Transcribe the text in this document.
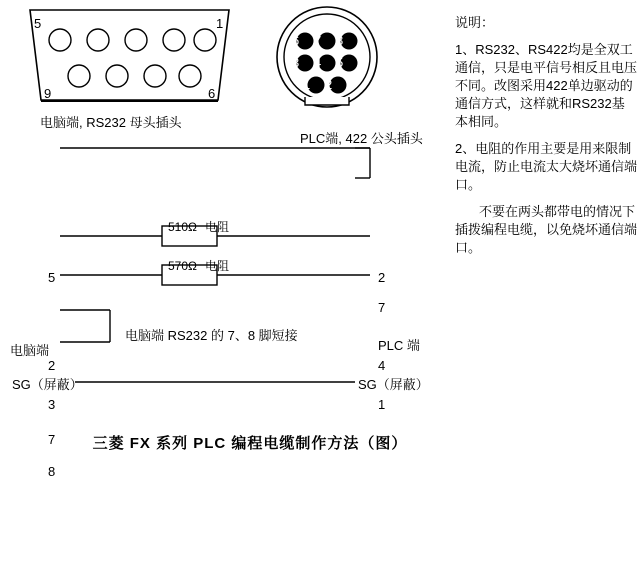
5	1
9	6
电脑端, RS232 母头插头
6 7 8
3 4 5
1 2
PLC端, 422 公头插头

说明：

1、RS232、RS422均是全双工通信，只是电平信号相反且电压不同。改图采用422单边驱动的通信方式，这样就和RS232基本相同。

2、电阻的作用主要是用来限制电流，防止电流太大烧坏通信端口。

不要在两头都带电的情况下插拨编程电缆，以免烧坏通信端口。

5
2
3
7
8
2
7
4
1
电脑端	PLC 端
510Ω 电阻
570Ω 电阻
电脑端 RS232 的 7、8 脚短接
SG（屏蔽）	SG（屏蔽）
三菱 FX 系列 PLC 编程电缆制作方法（图）
